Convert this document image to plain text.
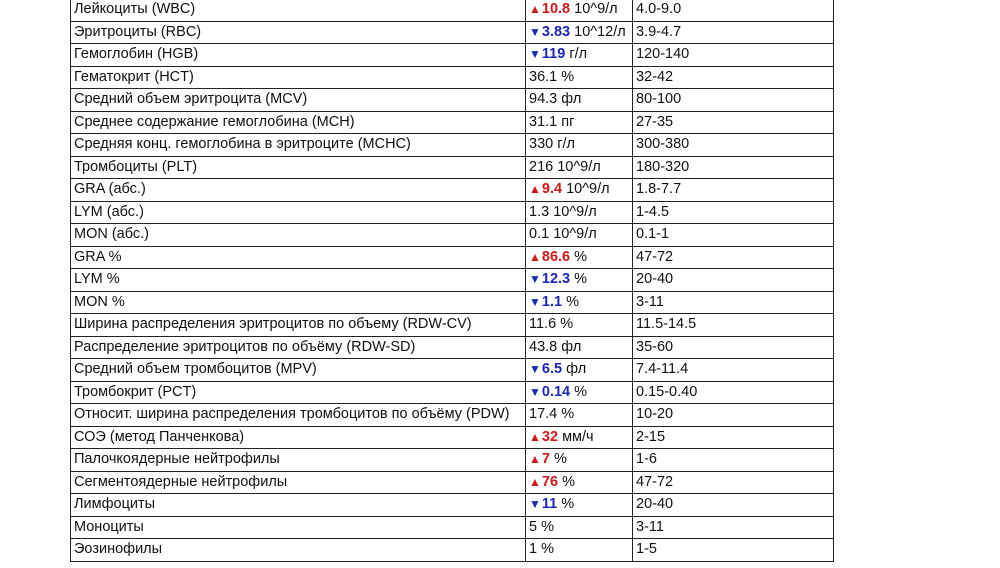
Лейкоциты (WBC)	▲10.8 10^9/л	4.0-9.0
Эритроциты (RBC)	▼3.83 10^12/л	3.9-4.7
Гемоглобин (HGB)	▼119 г/л	120-140
Гематокрит (HCT)	36.1 %	32-42
Средний объем эритроцита (MCV)	94.3 фл	80-100
Среднее содержание гемоглобина (MCH)	31.1 пг	27-35
Средняя конц. гемоглобина в эритроците (MCHC)	330 г/л	300-380
Тромбоциты (PLT)	216 10^9/л	180-320
GRA (абс.)	▲9.4 10^9/л	1.8-7.7
LYM (абс.)	1.3 10^9/л	1-4.5
MON (абс.)	0.1 10^9/л	0.1-1
GRA %	▲86.6 %	47-72
LYM %	▼12.3 %	20-40
MON %	▼1.1 %	3-11
Ширина распределения эритроцитов по объему (RDW-CV)	11.6 %	11.5-14.5
Распределение эритроцитов по объёму (RDW-SD)	43.8 фл	35-60
Средний объем тромбоцитов (MPV)	▼6.5 фл	7.4-11.4
Тромбокрит (PCT)	▼0.14 %	0.15-0.40
Относит. ширина распределения тромбоцитов по объёму (PDW)	17.4 %	10-20
СОЭ (метод Панченкова)	▲32 мм/ч	2-15
Палочкоядерные нейтрофилы	▲7 %	1-6
Сегментоядерные нейтрофилы	▲76 %	47-72
Лимфоциты	▼11 %	20-40
Моноциты	5 %	3-11
Эозинофилы	1 %	1-5
